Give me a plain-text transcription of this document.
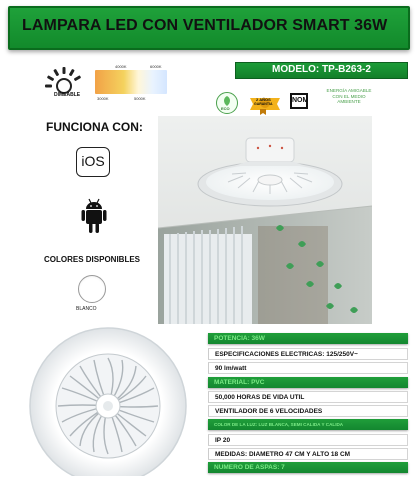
LAMPARA LED CON VENTILADOR SMART 36W
DIMEABLE
4000K	6000K
3000K	5000K
MODELO: TP-B263-2
ECO
2 AÑOS
GARANTIA	NOM
ENERGÍA AMIGABLE CON EL MEDIO AMBIENTE
FUNCIONA CON:
iOS
COLORES DISPONIBLES
BLANCO
POTENCIA: 36W
ESPECIFICACIONES ELECTRICAS: 125/250V~
90 lm/watt
MATERIAL: PVC
50,000 HORAS DE VIDA UTIL
VENTILADOR DE 6 VELOCIDADES
COLOR DE LA LUZ: LUZ BLANCA, SEMI CALIDA Y CALIDA
IP 20
MEDIDAS: DIAMETRO 47 CM Y ALTO 18 CM
NUMERO DE ASPAS: 7
